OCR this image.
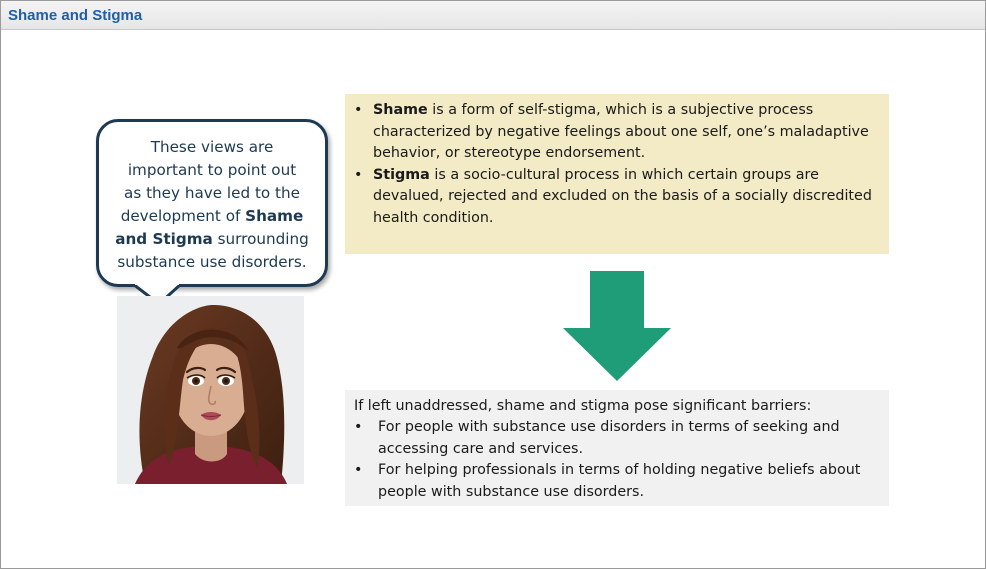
Shame and Stigma
These views are
important to point out
as they have led to the
development of Shame
and Stigma surrounding
substance use disorders.
• Shame is a form of self-stigma, which is a subjective process characterized by negative feelings about one self, one’s maladaptive behavior, or stereotype endorsement.
• Stigma is a socio-cultural process in which certain groups are devalued, rejected and excluded on the basis of a socially discredited health condition.
If left unaddressed, shame and stigma pose significant barriers:
• For people with substance use disorders in terms of seeking and accessing care and services.
• For helping professionals in terms of holding negative beliefs about people with substance use disorders.
